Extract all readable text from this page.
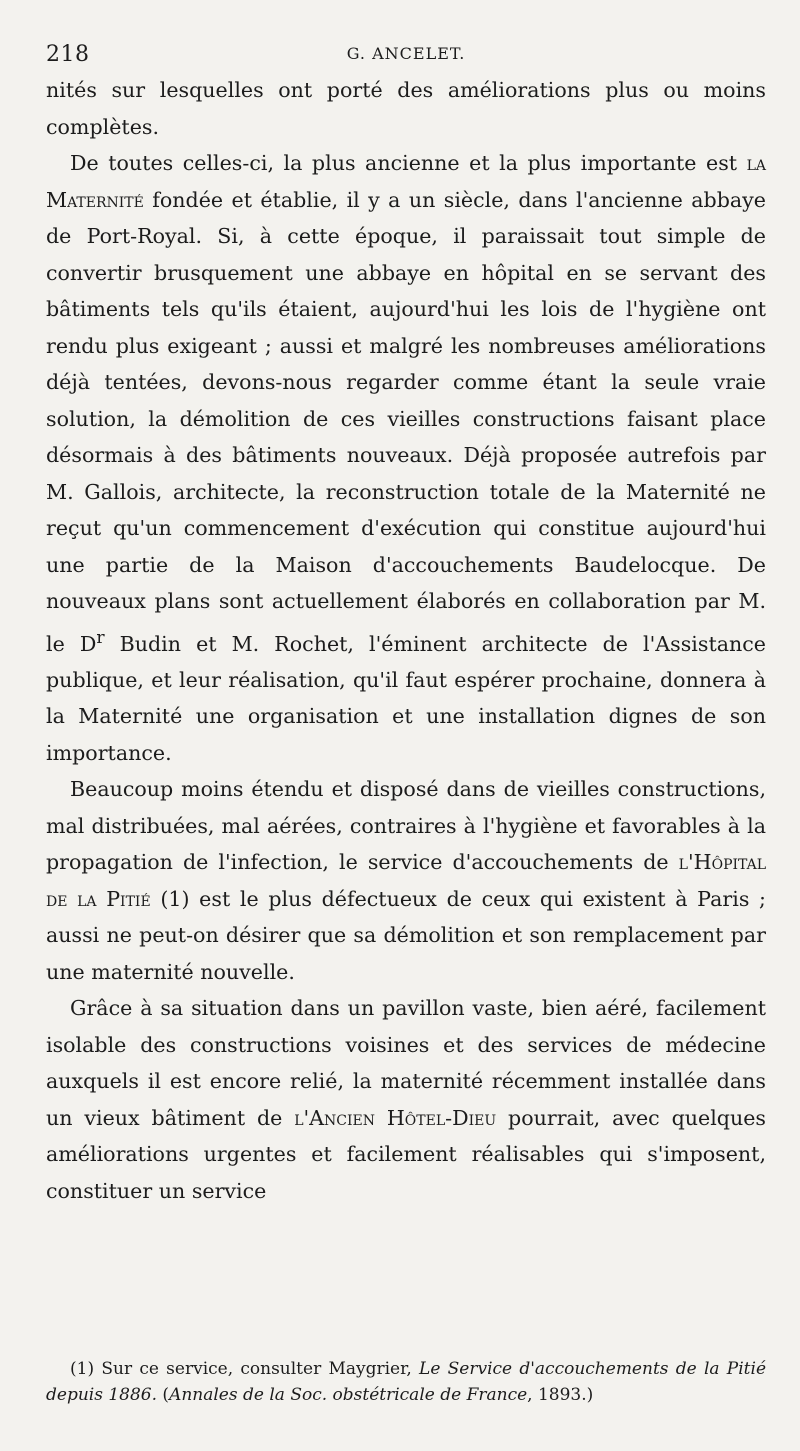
218	G. ANCELET.

nités sur lesquelles ont porté des améliorations plus ou moins complètes.

De toutes celles-ci, la plus ancienne et la plus importante est la Maternité fondée et établie, il y a un siècle, dans l'ancienne abbaye de Port-Royal. Si, à cette époque, il paraissait tout simple de convertir brusquement une abbaye en hôpital en se servant des bâtiments tels qu'ils étaient, aujourd'hui les lois de l'hygiène ont rendu plus exigeant ; aussi et malgré les nombreuses améliorations déjà tentées, devons-nous regarder comme étant la seule vraie solution, la démolition de ces vieilles constructions faisant place désormais à des bâtiments nouveaux. Déjà proposée autrefois par M. Gallois, architecte, la reconstruction totale de la Maternité ne reçut qu'un commencement d'exécution qui constitue aujourd'hui une partie de la Maison d'accouchements Baudelocque. De nouveaux plans sont actuellement élaborés en collaboration par M. le $D^r$ Budin et M. Rochet, l'éminent architecte de l'Assistance publique, et leur réalisation, qu'il faut espérer prochaine, donnera à la Maternité une organisation et une installation dignes de son importance.

Beaucoup moins étendu et disposé dans de vieilles constructions, mal distribuées, mal aérées, contraires à l'hygiène et favorables à la propagation de l'infection, le service d'accouchements de l'Hôpital de la Pitié (1) est le plus défectueux de ceux qui existent à Paris ; aussi ne peut-on désirer que sa démolition et son remplacement par une maternité nouvelle.

Grâce à sa situation dans un pavillon vaste, bien aéré, facilement isolable des constructions voisines et des services de médecine auxquels il est encore relié, la maternité récemment installée dans un vieux bâtiment de l'Ancien Hôtel-Dieu pourrait, avec quelques améliorations urgentes et facilement réalisables qui s'imposent, constituer un service

(1) Sur ce service, consulter Maygrier, Le Service d'accouchements de la Pitié depuis 1886. (Annales de la Soc. obstétricale de France, 1893.)
